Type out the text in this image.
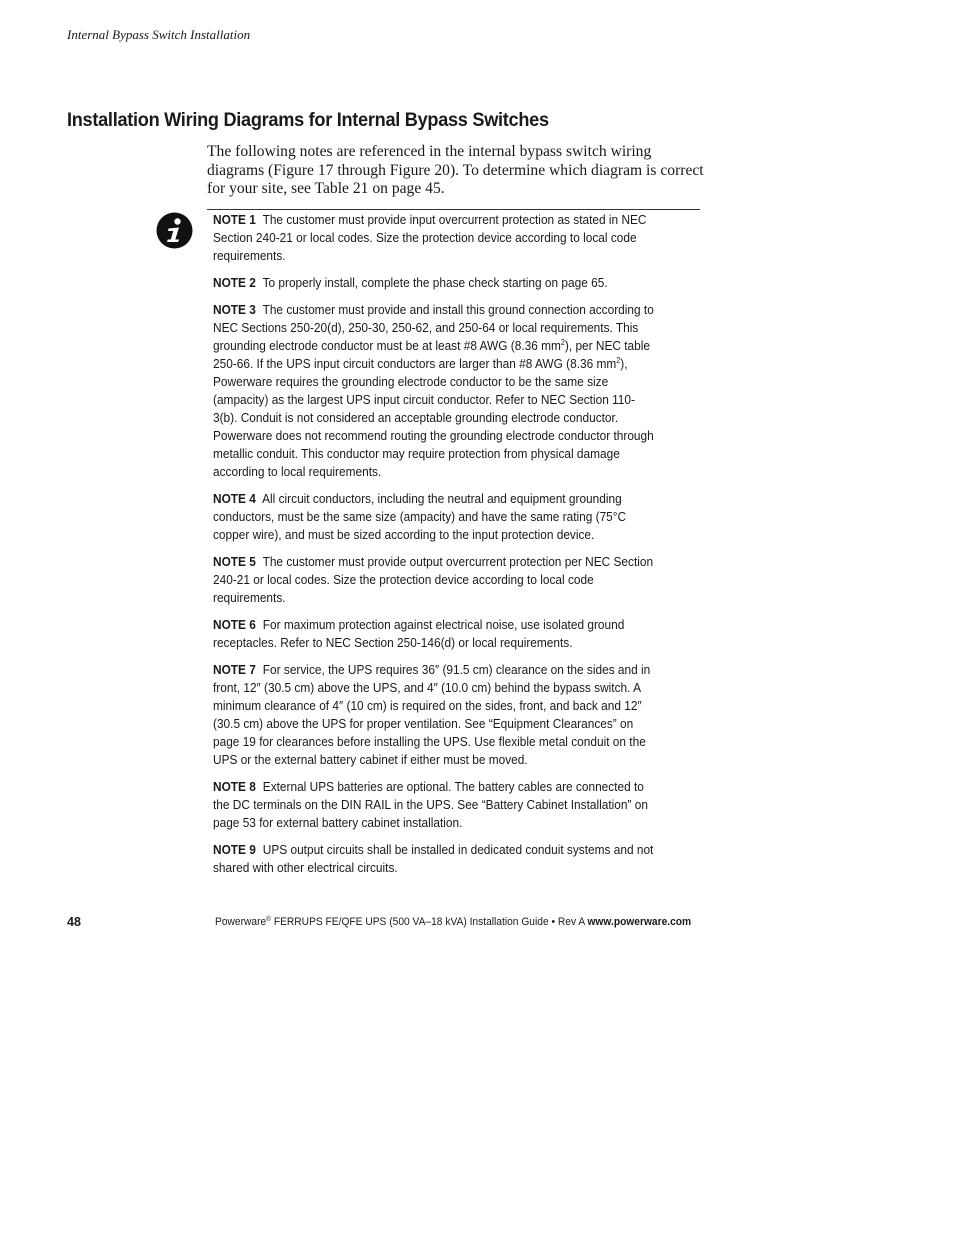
Internal Bypass Switch Installation
Installation Wiring Diagrams for Internal Bypass Switches

The following notes are referenced in the internal bypass switch wiring diagrams (Figure 17 through Figure 20). To determine which diagram is correct for your site, see Table 21 on page 45.

NOTE 1 The customer must provide input overcurrent protection as stated in NEC Section 240-21 or local codes. Size the protection device according to local code requirements.

NOTE 2 To properly install, complete the phase check starting on page 65.

NOTE 3 The customer must provide and install this ground connection according to NEC Sections 250-20(d), 250-30, 250-62, and 250-64 or local requirements. This grounding electrode conductor must be at least #8 AWG (8.36 $mm^2$), per NEC table 250-66. If the UPS input circuit conductors are larger than #8 AWG (8.36 $mm^2$), Powerware requires the grounding electrode conductor to be the same size (ampacity) as the largest UPS input circuit conductor. Refer to NEC Section 110-3(b). Conduit is not considered an acceptable grounding electrode conductor. Powerware does not recommend routing the grounding electrode conductor through metallic conduit. This conductor may require protection from physical damage according to local requirements.

NOTE 4 All circuit conductors, including the neutral and equipment grounding conductors, must be the same size (ampacity) and have the same rating (75°C copper wire), and must be sized according to the input protection device.

NOTE 5 The customer must provide output overcurrent protection per NEC Section 240-21 or local codes. Size the protection device according to local code requirements.

NOTE 6 For maximum protection against electrical noise, use isolated ground receptacles. Refer to NEC Section 250-146(d) or local requirements.

NOTE 7 For service, the UPS requires 36″ (91.5 cm) clearance on the sides and in front, 12″ (30.5 cm) above the UPS, and 4″ (10.0 cm) behind the bypass switch. A minimum clearance of 4″ (10 cm) is required on the sides, front, and back and 12″ (30.5 cm) above the UPS for proper ventilation. See “Equipment Clearances” on page 19 for clearances before installing the UPS. Use flexible metal conduit on the UPS or the external battery cabinet if either must be moved.

NOTE 8 External UPS batteries are optional. The battery cables are connected to the DC terminals on the DIN RAIL in the UPS. See “Battery Cabinet Installation” on page 53 for external battery cabinet installation.

NOTE 9 UPS output circuits shall be installed in dedicated conduit systems and not shared with other electrical circuits.

48	Powerware® FERRUPS FE/QFE UPS (500 VA–18 kVA) Installation Guide • Rev A www.powerware.com
